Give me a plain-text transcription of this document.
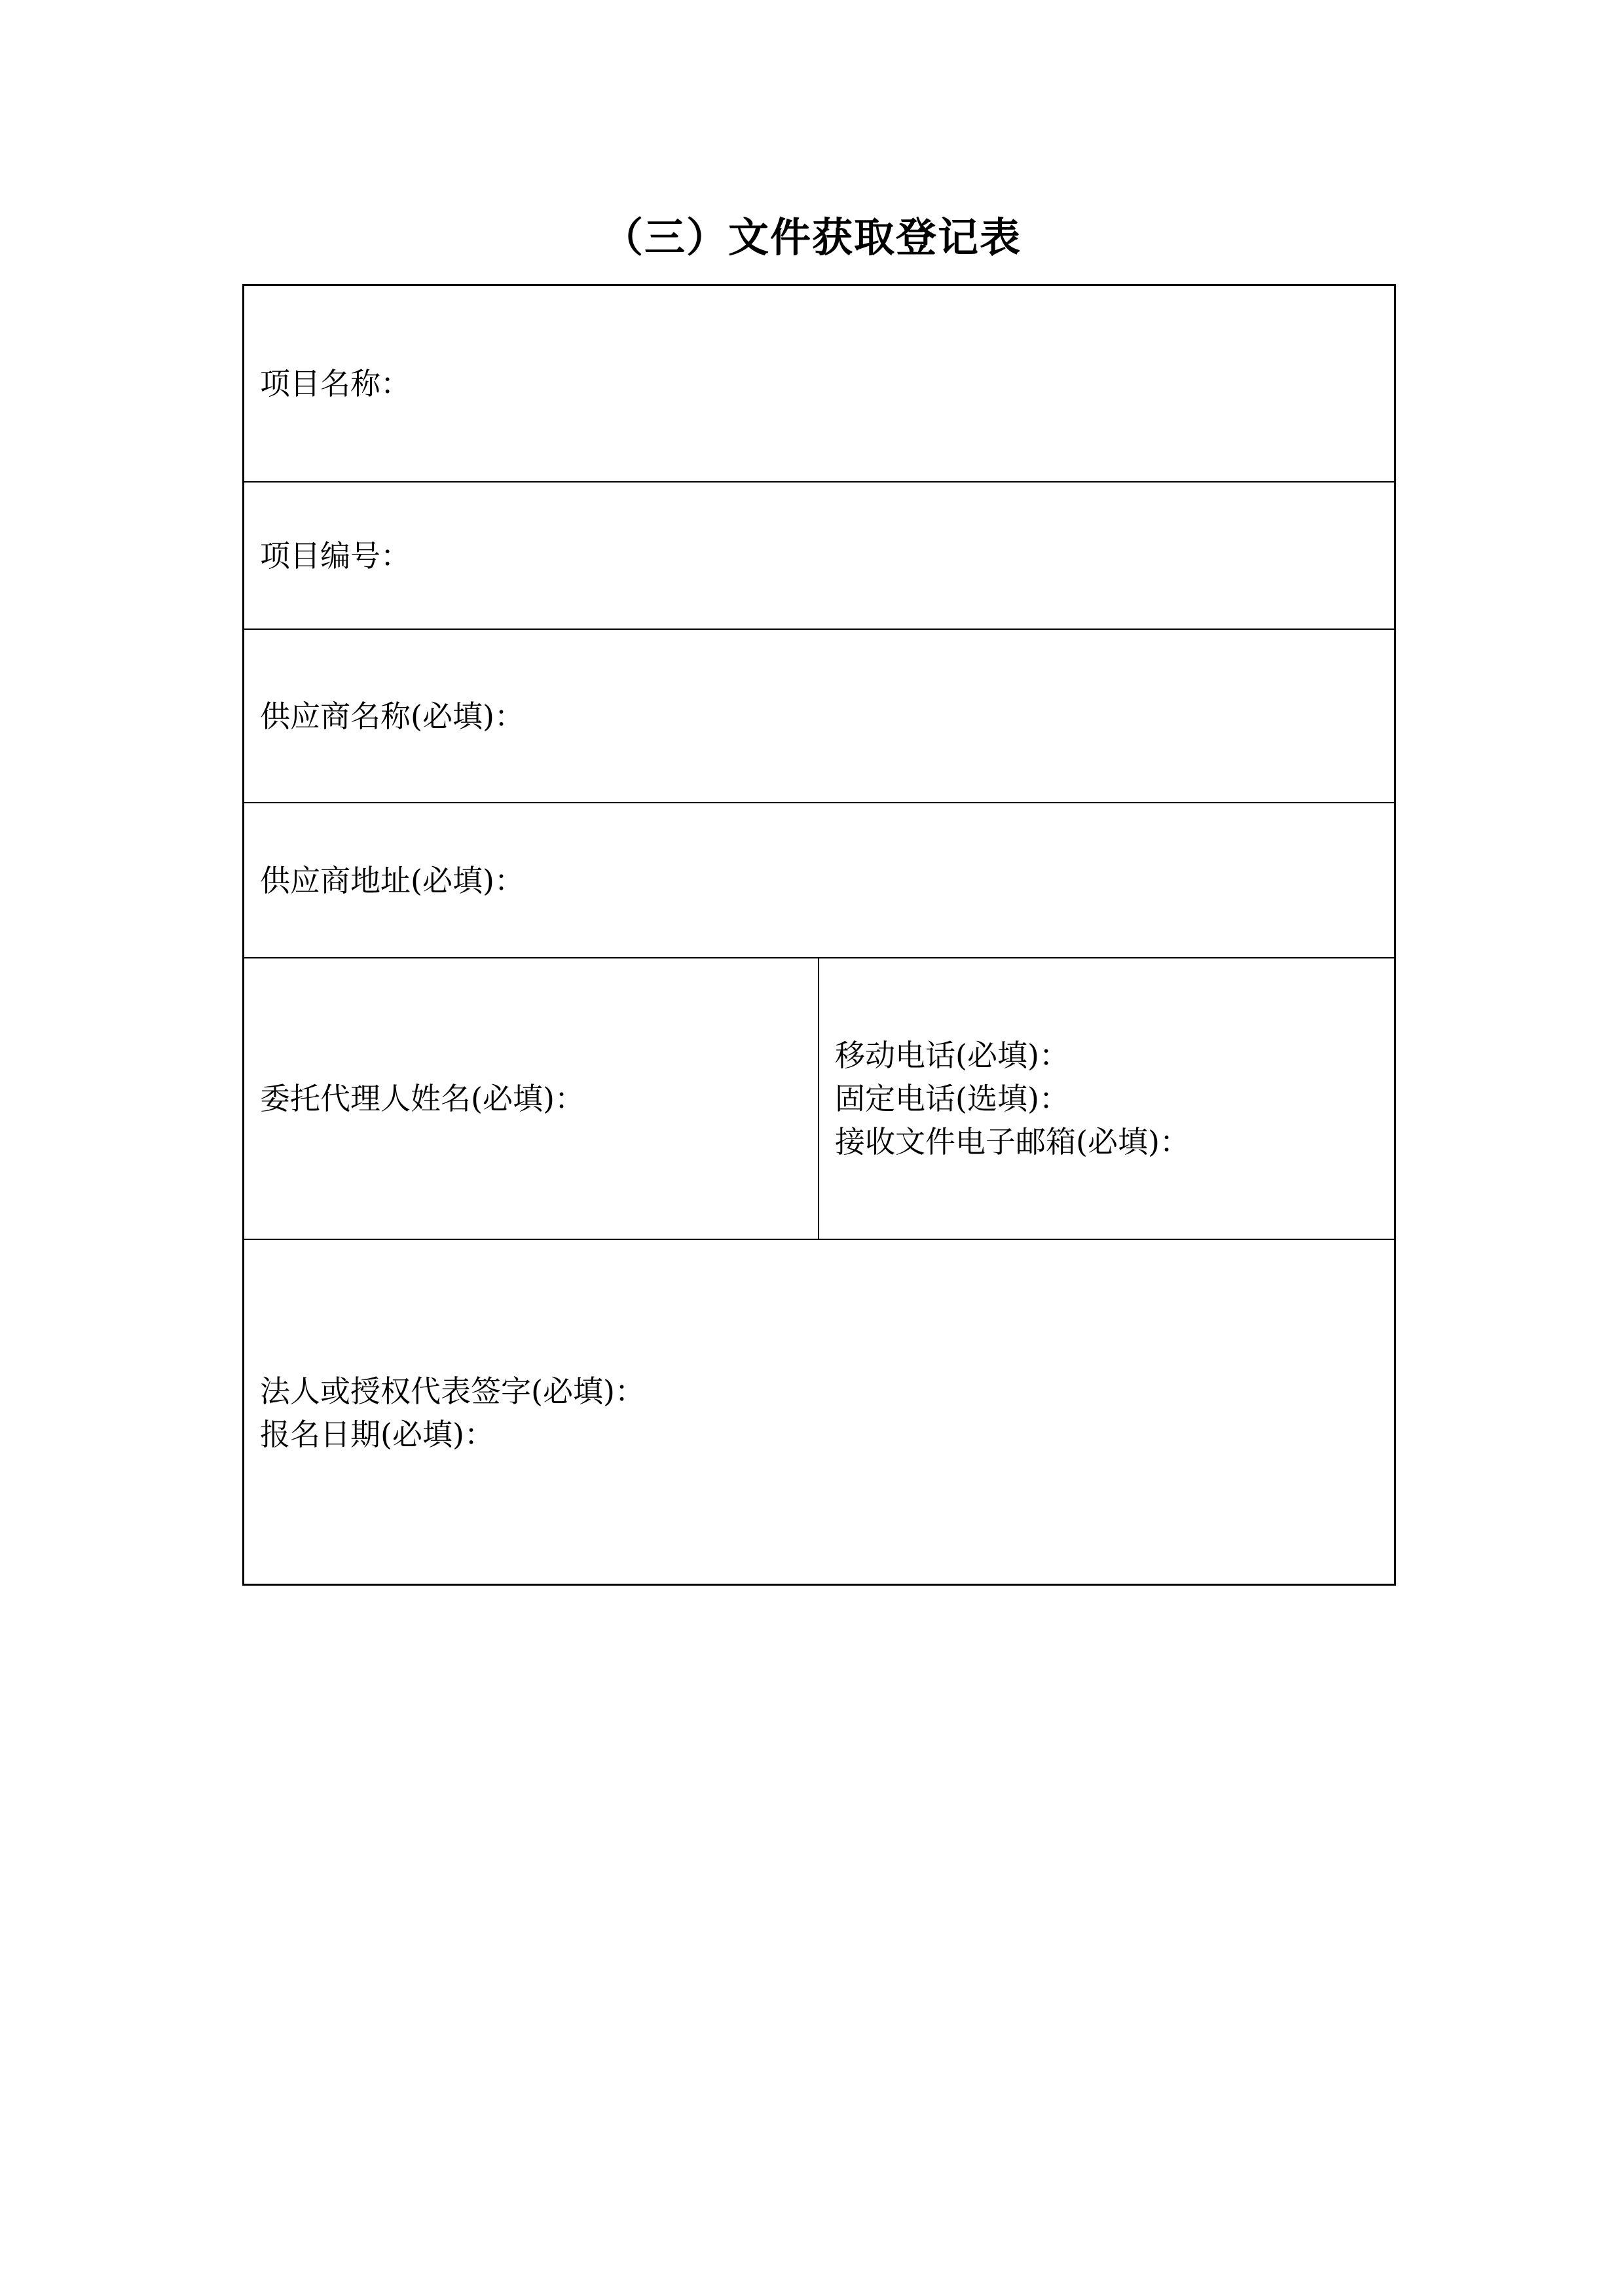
（三）文件获取登记表
项目名称：
项目编号：
供应商名称(必填)：
供应商地址(必填)：
委托代理人姓名(必填)：
移动电话(必填)：
固定电话(选填)：
接收文件电子邮箱(必填)：
法人或授权代表签字(必填)：
报名日期(必填)：
